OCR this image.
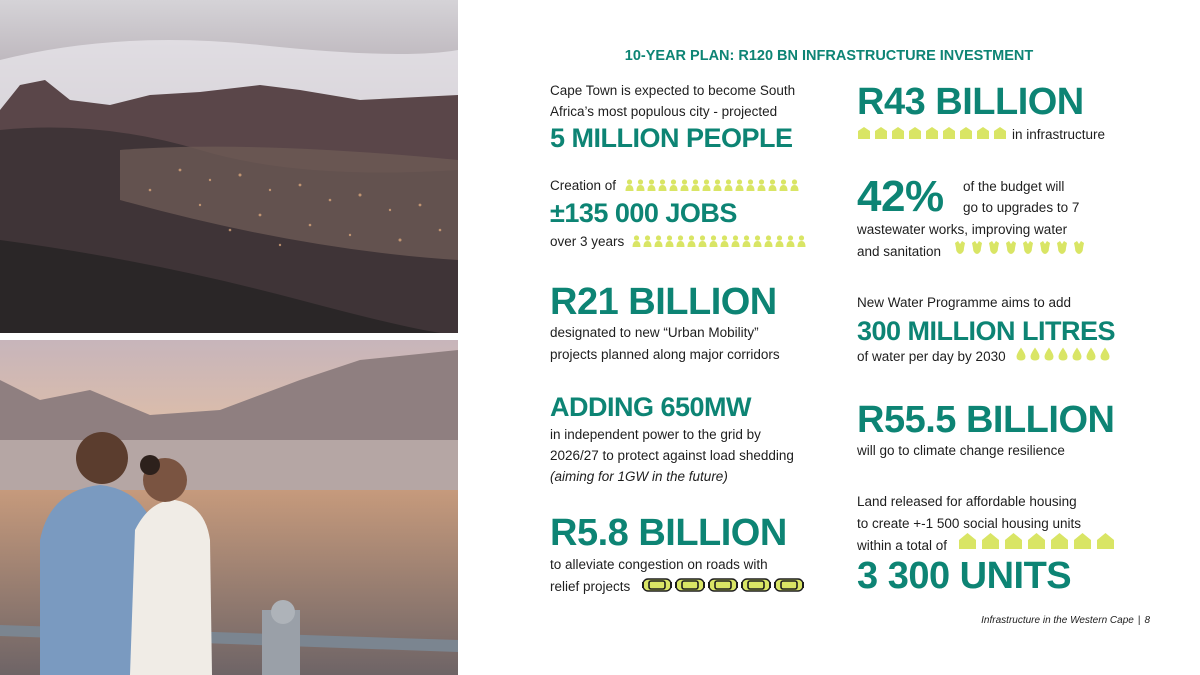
10-YEAR PLAN: R120 BN INFRASTRUCTURE INVESTMENT
Cape Town is expected to become South
Africa’s most populous city - projected
5 MILLION PEOPLE
Creation of
±135 000 JOBS
over 3 years
R21 BILLION
designated to new “Urban Mobility”
projects planned along major corridors
ADDING 650MW
in independent power to the grid by
2026/27 to protect against load shedding
(aiming for 1GW in the future)
R5.8 BILLION
to alleviate congestion on roads with
relief projects
R43 BILLION
in infrastructure
42% of the budget will
go to upgrades to 7
wastewater works, improving water
and sanitation
New Water Programme aims to add
300 MILLION LITRES
of water per day by 2030
R55.5 BILLION
will go to climate change resilience
Land released for affordable housing
to create +-1 500 social housing units
within a total of
3 300 UNITS
Infrastructure in the Western Cape | 8
